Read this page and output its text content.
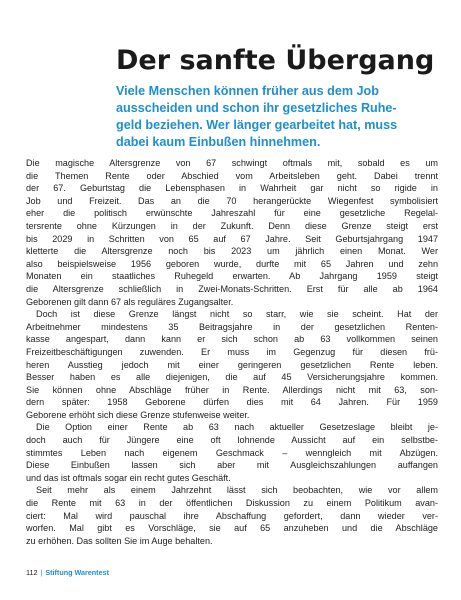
Der sanfte Übergang
Viele Menschen können früher aus dem Job
ausscheiden und schon ihr gesetzliches Ruhe-
geld beziehen. Wer länger gearbeitet hat, muss
dabei kaum Einbußen hinnehmen.
Die magische Altersgrenze von 67 schwingt oftmals mit, sobald es um
die Themen Rente oder Abschied vom Arbeitsleben geht. Dabei trennt
der 67. Geburtstag die Lebensphasen in Wahrheit gar nicht so rigide in
Job und Freizeit. Das an die 70 herangerückte Wiegenfest symbolisiert
eher die politisch erwünschte Jahreszahl für eine gesetzliche Regelal-
tersrente ohne Kürzungen in der Zukunft. Denn diese Grenze steigt erst
bis 2029 in Schritten von 65 auf 67 Jahre. Seit Geburtsjahrgang 1947
kletterte die Altersgrenze noch bis 2023 um jährlich einen Monat. Wer
also beispielsweise 1956 geboren wurde, durfte mit 65 Jahren und zehn
Monaten ein staatliches Ruhegeld erwarten. Ab Jahrgang 1959 steigt
die Altersgrenze schließlich in Zwei-Monats-Schritten. Erst für alle ab 1964
Geborenen gilt dann 67 als reguläres Zugangsalter.
Doch ist diese Grenze längst nicht so starr, wie sie scheint. Hat der
Arbeitnehmer mindestens 35 Beitragsjahre in der gesetzlichen Renten-
kasse angespart, dann kann er sich schon ab 63 vollkommen seinen
Freizeitbeschäftigungen zuwenden. Er muss im Gegenzug für diesen frü-
heren Ausstieg jedoch mit einer geringeren gesetzlichen Rente leben.
Besser haben es alle diejenigen, die auf 45 Versicherungsjahre kommen.
Sie können ohne Abschläge früher in Rente. Allerdings nicht mit 63, son-
dern später: 1958 Geborene dürfen dies mit 64 Jahren. Für 1959
Geborene erhöht sich diese Grenze stufenweise weiter.
Die Option einer Rente ab 63 nach aktueller Gesetzeslage bleibt je-
doch auch für Jüngere eine oft lohnende Aussicht auf ein selbstbe-
stimmtes Leben nach eigenem Geschmack – wenngleich mit Abzügen.
Diese Einbußen lassen sich aber mit Ausgleichszahlungen auffangen
und das ist oftmals sogar ein recht gutes Geschäft.
Seit mehr als einem Jahrzehnt lässt sich beobachten, wie vor allem
die Rente mit 63 in der öffentlichen Diskussion zu einem Politikum avan-
ciert: Mal wird pauschal ihre Abschaffung gefordert, dann wieder ver-
worfen. Mal gibt es Vorschläge, sie auf 65 anzuheben und die Abschläge
zu erhöhen. Das sollten Sie im Auge behalten.
112 | Stiftung Warentest
